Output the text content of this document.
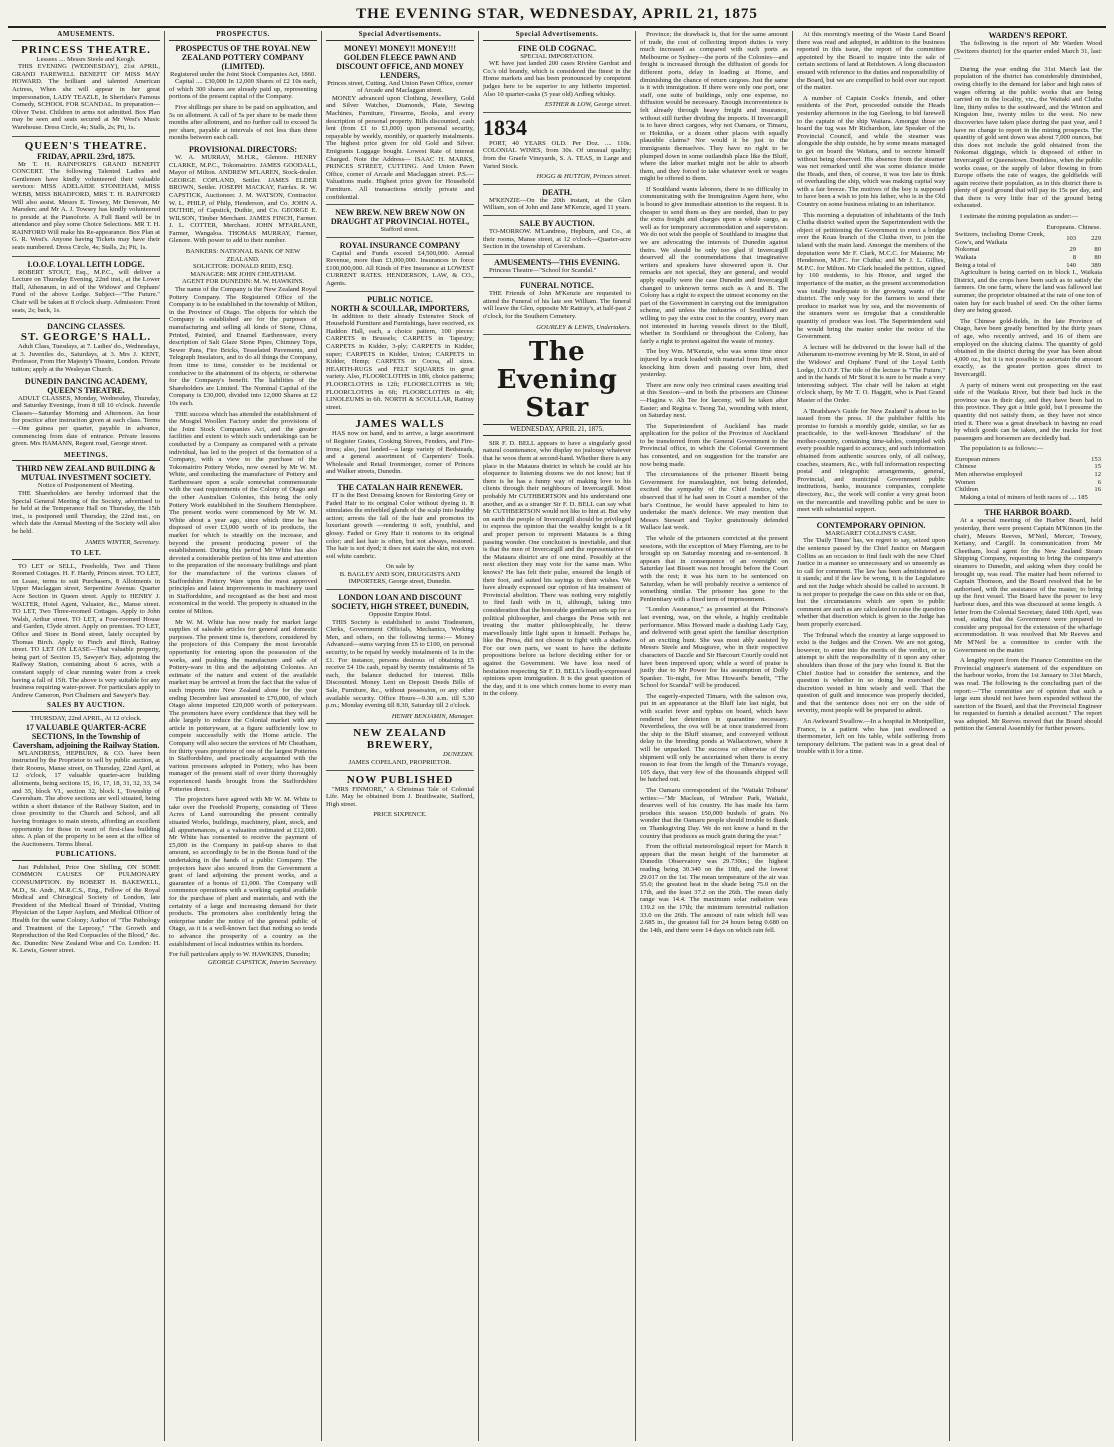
THE EVENING STAR, WEDNESDAY, APRIL 21, 1875
AMUSEMENTS.
PRINCESS THEATRE.
Lessees .... Messrs Steele and Keogh.

THIS EVENING (WEDNESDAY), 21st APRIL, GRAND FAREWELL BENEFIT OF MISS MAY HOWARD. The brilliant and talented American Actress, When she will appear in her great impersonation, LADY TEAZLE, In Sheridan's Famous Comedy, SCHOOL FOR SCANDAL. In preparation—Oliver Twist. Children in arms not admitted. Box Plan may be seen and seats secured at Mr West's Music Warehouse. Dress Circle, 4s; Stalls, 2s; Pit, 1s.

QUEEN'S THEATRE.
FRIDAY, APRIL 23rd, 1875.

Mr T. H. RAINFORD'S GRAND BENEFIT CONCERT. The following Talented Ladies and Gentlemen have kindly volunteered their valuable services: MISS ADELAIDE STONEHAM, MISS WEBB, MISS BRADFORD, MRS T. H. RAINFORD Will also assist. Messrs E. Towsey, Mr Denovan, Mr Marsden; and Mr A. J. Towsey has kindly volunteered to preside at the Pianoforte. A Full Band will be in attendance and play some Choice Selections. MR T. H. RAINFORD Will make his Re-appearance. Box Plan at G. R. West's. Anyone having Tickets may have their seats numbered. Dress Circle, 4s; Stalls, 2s; Pit, 1s.

I.O.O.F. LOYAL LEITH LODGE.

ROBERT STOUT, Esq., M.P.C., will deliver a Lecture on Thursday Evening, 22nd inst., at the Lower Hall, Athenæum, in aid of the Widows' and Orphans' Fund of the above Lodge. Subject—"The Future." Chair will be taken at 8 o'clock sharp. Admission: Front seats, 2s; back, 1s.

DANCING CLASSES.
ST. GEORGE'S HALL.

Adult Class, Tuesdays, at 7. Ladies' do., Wednesdays, at 3. Juveniles do., Saturdays, at 3. Mrs J. KENT, Professor, From Her Majesty's Theatre, London. Private tuition; apply at the Wesleyan Church.

DUNEDIN DANCING ACADEMY, QUEEN'S THEATRE.

ADULT CLASSES, Monday, Wednesday, Thursday, and Saturday Evenings, from 8 till 10 o'clock. Juvenile Classes—Saturday Morning and Afternoon. An hour for practice after instruction given at each class. Terms—One guinea per quarter, payable in advance, commencing from date of entrance. Private lessons given. Mrs HAMANN, Regent road, George street.

MEETINGS.
THIRD NEW ZEALAND BUILDING & MUTUAL INVESTMENT SOCIETY.
Notice of Postponement of Meeting.

THE Shareholders are hereby informed that the Special General Meeting of the Society, advertised to be held at the Temperance Hall on Thursday, the 15th inst., is postponed until Thursday, the 22nd inst., on which date the Annual Meeting of the Society will also be held.

JAMES WINTER, Secretary.
TO LET.

TO LET or SELL, Freeholds, Two and Three Roomed Cottages. H. F. Hardy, Princes street. TO LET, on Lease, terms to suit Purchasers, 8 Allotments in Upper Maclaggan street, Serpentine Avenue. Quarter Acre Section in Queen street. Apply to HENRY J. WALTER, Hotel Agent, Valuator, &c., Manse street. TO LET, Two Three-roomed Cottages. Apply to John Walsh, Arthur street. TO LET, a Four-roomed House and Garden, Clyde street. Apply on premises. TO LET, Office and Store in Bond street, lately occupied by Thomas Birch. Apply to Finch and Birch, Rattray street. TO LET ON LEASE—That valuable property, being part of Section 15, Sawyer's Bay, adjoining the Railway Station, containing about 6 acres, with a constant supply of clear running water from a creek having a fall of 15ft. The above is very suitable for any business requiring water-power. For particulars apply to Andrew Cameron, Port Chalmers and Sawyer's Bay.

SALES BY AUCTION.
THURSDAY, 22nd APRIL, At 12 o'clock.
17 VALUABLE QUARTER-ACRE SECTIONS, In the Township of Caversham, adjoining the Railway Station.

M'LANDRESS, HEPBURN, & CO. have been instructed by the Proprietor to sell by public auction, at their Rooms, Manse street, on Thursday, 22nd April, at 12 o'clock, 17 valuable quarter-acre building allotments, being sections 15, 16, 17, 18, 31, 32, 33, 34 and 35, block VI., section 32, block I., Township of Caversham. The above sections are well situated, being within a short distance of the Railway Station, and in close proximity to the Church and School, and all having frontages to main streets, affording an excellent opportunity for those in want of first-class building sites. A plan of the property to be seen at the office of the Auctioneers. Terms liberal.

PUBLICATIONS.

Just Published, Price One Shilling, ON SOME COMMON CAUSES OF PULMONARY CONSUMPTION. By ROBERT H. BAKEWELL, M.D., St. Andr., M.R.C.S., Eng., Fellow of the Royal Medical and Chirurgical Society of London, late President of the Medical Board of Trinidad, Visiting Physician of the Leper Asylum, and Medical Officer of Health for the same Colony; Author of "The Pathology and Treatment of the Leprosy," "The Growth and Reproduction of the Red Corpuscles of the Blood," &c. &c. Dunedin: New Zealand Wise and Co. London: H. K. Lewis, Gower street.

PROSPECTUS.
PROSPECTUS OF THE ROYAL NEW ZEALAND POTTERY COMPANY (LIMITED).
Registered under the Joint Stock Companies Act, 1860.

Capital .... £30,000 In 12,000 Shares of £2 10s each, of which 300 shares are already paid up, representing portions of the present capital of the Company.

Five shillings per share to be paid on application, and 5s on allotment. A call of 5s per share to be made three months after allotment, and no further call to exceed 5s per share, payable at intervals of not less than three months between each call.

PROVISIONAL DIRECTORS:

W. A. MURRAY, M.H.R., Glenore. HENRY CLARKE, M.P.C., Tokomairiro. JAMES GOODALL, Mayor of Milton. ANDREW M'LAREN, Stock-dealer. GEORGE COPLAND, Settler. JAMES ELDER BROWN, Settler. JOSEPH MACKAY, Fairfax. R. W. CAPSTICK, Auctioneer. J. M. WATSON, Contractor. W. L. PHILP, of Philp, Henderson, and Co. JOHN A. DUTHIE, of Capstick, Duthie, and Co. GEORGE E. WILSON, Timber Merchant. JAMES FINCH, Farmer. J. L. COTTER, Merchant. JOHN M'FARLANE, Farmer, Wangaloa. THOMAS MURRAY, Farmer, Glenore. With power to add to their number.

BANKERS: NATIONAL BANK OF NEW ZEALAND.
SOLICITOR: DONALD REID, ESQ.
MANAGER: MR JOHN CHEATHAM.
AGENT FOR DUNEDIN: M. W. HAWKINS.

The name of the Company is the New Zealand Royal Pottery Company. The Registered Office of the Company is to be established in the township of Milton, in the Province of Otago. The objects for which the Company is established are for the purposes of manufacturing and selling all kinds of Stone, China, Printed, Painted, and Enamel Earthenware, every description of Salt Glaze Stone Pipes, Chimney Tops, Sewer Pans, Fire Bricks, Tesselated Pavements, and Telegraph Insulators, and to do all things the Company, from time to time, consider to be incidental or conducive to the attainment of its objects, or otherwise for the Company's benefit. The liabilities of the Shareholders are Limited. The Nominal Capital of the Company is £30,000, divided into 12,000 Shares at £2 10s each.

THE success which has attended the establishment of the Mosgiel Woollen Factory under the provisions of the Joint Stock Companies Act, and the greater facilities and extent to which such undertakings can be conducted by a Company as compared with a private individual, has led to the project of the formation of a Company, with a view to the purchase of the Tokomairiro Pottery Works, now owned by Mr W. M. White, and conducting the manufacture of Pottery and Earthenware upon a scale somewhat commensurate with the vast requirements of the Colony of Otago and the other Australian Colonies, this being the only Pottery Work established in the Southern Hemisphere. The present works were commenced by Mr W. M. White about a year ago, since which time he has disposed of over £3,000 worth of its products, the market for which is steadily on the increase, and beyond the present producing power of the establishment. During this period Mr White has also devoted a considerable portion of his time and attention to the preparation of the necessary buildings and plant for the manufacture of the various classes of Staffordshire Pottery Ware upon the most approved principles and latest improvements in machinery used in Staffordshire, and recognised as the best and most economical in the world. The property is situated in the centre of Milton.

Mr W. M. White has now ready for market large supplies of saleable articles for general and domestic purposes. The present time is, therefore, considered by the projectors of this Company the most favorable opportunity for entering upon the possession of the works, and pushing the manufacture and sale of Pottery-ware in this and the adjoining Colonies. An estimate of the nature and extent of the available market may be arrived at from the fact that the value of such imports into New Zealand alone for the year ending December last amounted to £70,000, of which Otago alone imported £20,000 worth of potteryware. The promoters have every confidence that they will be able largely to reduce the Colonial market with any article in potteryware, at a figure sufficiently low to compete successfully with the Home article. The Company will also secure the services of Mr Cheatham, for thirty years proprietor of one of the largest Potteries in Staffordshire, and practically acquainted with the various processes adopted in Pottery, who has been manager of the present staff of over thirty thoroughly experienced hands brought from the Staffordshire Potteries direct.

The projectors have agreed with Mr W. M. White to take over the Freehold Property, consisting of Three Acres of Land surrounding the present centrally situated Works, buildings, machinery, plant, stock, and all appurtenances, at a valuation estimated at £12,000. Mr White has consented to receive the payment of £5,000 in the Company in paid-up shares to that amount, so accordingly to be in the Bonus fund of the undertaking in the hands of a public Company. The projectors have also secured from the Government a grant of land adjoining the present works, and a guarantee of a bonus of £1,000. The Company will commence operations with a working capital available for the purchase of plant and materials, and with the certainty of a large and increasing demand for their products. The promoters also confidently bring the enterprise under the notice of the general public of Otago, as it is a well-known fact that nothing so tends to advance the prosperity of a country as the establishment of local industries within its borders.

For full particulars apply to W. HAWKINS, Dunedin;
GEORGE CAPSTICK, Interim Secretary.
Special Advertisements.
MONEY! MONEY!! MONEY!!!
GOLDEN FLEECE PAWN AND DISCOUNT OFFICE, AND MONEY LENDERS,
Princes street, Cutting. And Union Pawn Office, corner of Arcade and Maclaggan street.

MONEY advanced upon Clothing, Jewellery, Gold and Silver Watches, Diamonds, Plate, Sewing Machines, Furniture, Firearms, Books, and every description of personal property. Bills discounted, cash lent (from £1 to £1,000) upon personal security, repayable by weekly, monthly, or quarterly instalments. The highest price given for old Gold and Silver. Emigrants Luggage bought. Lowest Rate of interest Charged. Note the Address— ISAAC H. MARKS, PRINCES STREET, CUTTING. And Union Pawn Office, corner of Arcade and Maclaggan street. P.S.—Valuations made. Highest price given for Household Furniture. All transactions strictly private and confidential.

NEW BREW. NEW BREW NOW ON DRAUGHT AT PROVINCIAL HOTEL,
Stafford street.
ROYAL INSURANCE COMPANY

Capital and Funds exceed £4,500,000. Annual Revenue, more than £1,000,000. Insurances in force £100,000,000. All Kinds of Fire Insurance at LOWEST CURRENT RATES. HENDERSON, LAW, & CO., Agents.

PUBLIC NOTICE.
NORTH & SCOULLAR, IMPORTERS,

In addition to their already Extensive Stock of Household Furniture and Furnishings, have received, ex Haddon Hall, each, a choice pattern, 100 pieces: CARPETS in Brussels; CARPETS in Tapestry; CARPETS in Kidder, 3-ply; CARPETS in Kidder, super; CARPETS in Kidder, Union; CARPETS in Kidder, Hemp; CARPETS in Cocoa, all sizes. HEARTH-RUGS and FELT SQUARES in great variety. Also, FLOORCLOTHS in 18ft, choice patterns; FLOORCLOTHS in 12ft; FLOORCLOTHS in 9ft; FLOORCLOTHS in 6ft; FLOORCLOTHS in 4ft; LINOLEUMS in 6ft. NORTH & SCOULLAR, Rattray street.

JAMES WALLS

HAS now on hand, and to arrive, a large assortment of Register Grates, Cooking Stoves, Fenders, and Fire-irons; also, just landed—a large variety of Bedsteads, and a general assortment of Carpenters' Tools. Wholesale and Retail Ironmonger, corner of Princes and Walker streets, Dunedin.

THE CATALAN HAIR RENEWER.

IT is the Best Dressing known for Restoring Grey or Faded Hair to its original Color without dyeing it. It stimulates the enfeebled glands of the scalp into healthy action; arrests the fall of the hair and promotes its luxuriant growth —rendering it soft, youthful, and glossy. Faded or Grey Hair it restores to its original color; and last hair is often, but not always, restored. The hair is not dyed; it does not stain the skin, not even soil white cambric.

On sale by
B. BAGLEY AND SON, DRUGGISTS AND IMPORTERS, George street, Dunedin.
LONDON LOAN AND DISCOUNT SOCIETY, HIGH STREET, DUNEDIN,
Opposite Empire Hotel.

THIS Society is established to assist Tradesmen, Clerks, Government Officials, Mechanics, Working Men, and others, on the following terms:— Money Advanced—sums varying from £5 to £100, on personal security, to be repaid by weekly instalments of 1s in the £1. For instance, persons desirous of obtaining £5 receive £4 10s cash, repaid by twenty instalments of 5s each, the balance deducted for interest. Bills Discounted. Money Lent on Deposit Deeds Bills of Sale, Furniture, &c., without possession, or any other available security. Office Hours—9.30 a.m. till 5.30 p.m.; Monday evening till 8.30, Saturday till 2 o'clock.

HENRY BENJAMIN, Manager.
NEW ZEALAND BREWERY,
DUNEDIN.
JAMES COPELAND, PROPRIETOR.
NOW PUBLISHED

"MRS FINMORE," A Christmas Tale of Colonial Life. May be obtained from J. Braithwaite, Stafford, High street.

PRICE SIXPENCE.
Special Advertisements.
FINE OLD COGNAC.
SPECIAL IMPORTATION.

WE have just landed 200 cases Rivière Gardrat and Co.'s old brandy, which is considered the finest in the Home markets and has been pronounced by competent judges here to be superior to any hitherto imported. Also 10 quarter-casks (5 year old) Ardbeg whisky.

ESTHER & LOW, George street.
1834

PORT, 40 YEARS OLD. Per Doz. .... 110s. COLONIAL WINES, from 30s. Of unusual quality; from the Graefe Vineyards, S. A. TEAS, in Large and Varied Stock.

HOGG & HUTTON, Princes street.
DEATH.

M'KENZIE—On the 20th instant, at the Glen William, son of John and Jane M'Kenzie, aged 11 years.

SALE BY AUCTION.

TO-MORROW. M'Landress, Hepburn, and Co., at their rooms, Manse street, at 12 o'clock—Quarter-acre Section in the township of Caversham.

AMUSEMENTS—THIS EVENING.

Princess Theatre—"School for Scandal."

FUNERAL NOTICE.

THE Friends of John M'Kenzie are requested to attend the Funeral of his late son William. The funeral will leave the Glen, opposite Mr Rattray's, at half-past 2 o'clock, for the Southern Cemetery.

GOURLEY & LEWIS, Undertakers.
The Evening Star
WEDNESDAY, APRIL 21, 1875.

SIR F. D. BELL appears to have a singularly good natural countenance, who display no jealousy whatever that he woos them at second-hand. Whether there is any place in the Mataura district in which he could air his eloquence to listening dozens we do not know; but if there is he has a funny way of making love to his clients through their neighbours of Invercargill. Most probably Mr CUTHBERTSON and his understand one another, and as a stranger Sir F. D. BELL can say what Mr CUTHBERTSON would not like to hint at. But why on earth the people of Invercargill should be privileged to express the opinion that the wealthy knight is a fit and proper person to represent Mataura is a thing passing wonder. One conclusion is inevitable, and that is that the men of Invercargill and the representative of the Mataura district are of one mind. Possibly at the next election they may vote for the same man. Who knows? He has felt their pulse, ensured the length of their foot, and suited his sayings to their wishes. We have already expressed our opinion of his treatment of Provincial abolition. There was nothing very mightily to find fault with in it, although, taking into consideration that the honorable gentleman sets up for a political philosopher, and charges the Press with not treating the matter philosophically, he threw marvellously little light upon it himself. Perhaps he, like the Press, did not choose to fight with a shadow. For our own parts, we want to have the definite propositions before us before deciding either for or against the Government. We have less need of hesitation respecting Sir F. D. BELL's loudly-expressed opinions upon immigration. It is the great question of the day, and it is one which comes home to every man in the colony.

Province; the drawback is, that for the same amount of trade, the cost of collecting import duties is very much increased as compared with such ports as Melbourne or Sydney—the ports of the Colonies—and freight is increased through the diffusion of goods for different ports, delay in loading at Home, and diminishing the chance of return cargoes. Just the same is it with immigration. If there were only one port, one staff, one suite of buildings, only one expense, no diffusion would be necessary. Enough inconvenience is felt already through heavy freight and insurance, without still further dividing the imports. If Invercargill is to have direct cargoes, why not Oamaru, or Timaru, or Hokitika, or a dozen other places with equally plausible claims? Nor would it be just to the immigrants themselves. They have no right to be plumped down in some outlandish place like the Bluff, where the labor market might not be able to absorb them, and they forced to take whatever work or wages might be offered to them.

If Southland wants laborers, there is no difficulty in communicating with the Immigration Agent here, who is bound to give immediate attention to the request. It is cheaper to send them as they are needed, than to pay the extra freight and charges upon a whole cargo, as well as for temporary accommodation and supervision. We do not wish the people of Southland to imagine that we are advocating the interests of Dunedin against theirs. We should be only too glad if Invercargill deserved all the commendations that imaginative writers and speakers have showered upon it. Our remarks are not special, they are general, and would apply equally were the case Dunedin and Invercargill changed to unknown terms such as A and B. The Colony has a right to expect the utmost economy on the part of the Government in carrying out the immigration scheme, and unless the industries of Southland are willing to pay the extra cost to the country, every man not interested in having vessels direct to the Bluff, whether in Southland or throughout the Colony, has fairly a right to protest against the waste of money.

The boy Wm. M'Kenzie, who was some time since injured by a truck loaded with material from Pith street knocking him down and passing over him, died yesterday.

There are now only two criminal cases awaiting trial at this Session—and in both the prisoners are Chinese—Hagina v. Ah Tee for larceny, will be taken after Easter; and Regina v. Tsong Tai, wounding with intent, on Saturday next.

The Superintendent of Auckland has made application for the police of the Province of Auckland to be transferred from the General Government to the Provincial office, to which the Colonial Government has consented, and on suggestion for the transfer are now being made.

The circumstances of the prisoner Bissett being Government for manslaughter, not being defended, excited the sympathy of the Chief Justice, who observed that if he had seen in Court a member of the bar's Continue, he would have appealed to him to undertake the man's defence. We may mention that Messrs Stewart and Taylor gratuitously defended Wallace last week.

The whole of the prisoners convicted at the present sessions, with the exception of Mary Fleming, are to be brought up on Saturday morning and re-sentenced. It appears that in consequence of an oversight on Saturday last Bissett was not brought before the Court with the rest; it was his turn to be sentenced on Saturday, when he will probably receive a sentence of something similar. The prisoner has gone to the Penitentiary with a fixed term of imprisonment.

"London Assurance," as presented at the Princess's last evening, was, on the whole, a highly creditable performance. Miss Howard made a dashing Lady Gay, and delivered with great spirit the familiar description of an exciting hunt. She was most ably assisted by Messrs Steele and Musgrave, who in their respective characters of Dazzle and Sir Harcourt Courtly could not have been improved upon; while a word of praise is justly due to Mr Power for his assumption of Dolly Spanker. To-night, for Miss Howard's benefit, "The School for Scandal" will be produced.

The eagerly-expected Timaru, with the salmon ova, put in an appearance at the Bluff late last night, but with scarlet fever and typhus on board, which have rendered her detention in quarantine necessary. Nevertheless, the ova will be at once transferred from the ship to the Bluff steamer, and conveyed without delay to the breeding ponds at Wallacetown, where it will be unpacked. The success or otherwise of the shipment will only be ascertained when there is every reason to fear from the length of the Timaru's voyage, 105 days, that very few of the thousands shipped will be hatched out.

The Oamaru correspondent of the 'Waitaki Tribune' writes:—"Mr Maclean, of Windsor Park, Waitaki, deserves well of his country. He has made his farm produce this season 150,000 bushels of grain. No wonder that the Oamaru people should trouble to thank on Thanksgiving Day. We do not know a hand in the country that produces as much grain during the year."

From the official meteorological report for March it appears that the mean height of the barometer at Dunedin Observatory was 29.730in.; the highest reading being 30.340 on the 10th, and the lowest 29.017 on the 1st. The mean temperature of the air was 55.0; the greatest heat in the shade being 75.0 on the 17th, and the least 37.2 on the 26th. The mean daily range was 14.4. The maximum solar radiation was 139.2 on the 17th; the minimum terrestrial radiation 33.0 on the 26th. The amount of rain which fell was 2.685 in., the greatest fall for 24 hours being 0.680 on the 14th, and there were 14 days on which rain fell.

At this morning's meeting of the Waste Land Board there was read and adopted, in addition to the business reported in this issue, the report of the committee appointed by the Board to inquire into the sale of certain sections of land at Reidstown. A long discussion ensued with reference to the duties and responsibility of the Board, but we are compelled to hold over our report of the matter.

A number of Captain Cook's friends, and other residents of the Port, proceeded outside the Heads yesterday afternoon in the tug Geelong, to bid farewell to the captain of the ship Waitara. Amongst those on board the tug was Mr Richardson, late Speaker of the Provincial Council, and while the steamer was alongside the ship outside, he by some means managed to get on board the Waitara, and to secrete himself without being observed. His absence from the steamer was not remarked until she was some distance inside the Heads, and then, of course, it was too late to think of overhauling the ship, which was making capital way with a fair breeze. The motives of the boy is supposed to have been a wish to join his father, who is in the Old Country on some business relating to an inheritance.

This morning a deputation of inhabitants of the Inch Clutha district waited upon the Superintendent with the object of petitioning the Government to erect a bridge over the Koau branch of the Clutha river, to join the island with the main land. Amongst the members of the deputation were Mr F. Clark, M.C.C. for Mataura; Mr Henderson, M.P.C. for Clutha; and Mr J. L. Gillies, M.P.C. for Milton. Mr Clark headed the petition, signed by 160 residents, to his Honor, and urged the importance of the matter, as the present accommodation was totally inadequate to the growing wants of the district. The only way for the farmers to send their produce to market was by sea, and the movements of the steamers were so irregular that a considerable quantity of produce was lost. The Superintendent said he would bring the matter under the notice of the Government.

A lecture will be delivered in the lower hall of the Athenæum to-morrow evening by Mr R. Stout, in aid of the Widows' and Orphans' Fund of the Loyal Leith Lodge, I.O.O.F. The title of the lecture is "The Future," and in the hands of Mr Stout it is sure to be made a very interesting subject. The chair will be taken at eight o'clock sharp, by Mr T. O. Haggitt, who is Past Grand Master of the Order.

A 'Bradshaw's Guide for New Zealand' is about to be issued from the press. If the publisher fulfils his promise to furnish a monthly guide, similar, so far as practicable, to the well-known 'Bradshaw' of the mother-country, containing time-tables, compiled with every possible regard to accuracy, and such information obtained from authentic sources only, of all railway, coaches, steamers, &c., with full information respecting postal and telegraphic arrangements, general, Provincial, and municipal Government public institutions, banks, insurance companies, complete directory, &c., the work will confer a very great boon on the mercantile and travelling public and be sure to meet with substantial support.

CONTEMPORARY OPINION.
MARGARET COLLINS'S CASE.

The 'Daily Times' has, we regret to say, seized upon the sentence passed by the Chief Justice on Margaret Collins as an occasion to find fault with the new Chief Justice in a manner so unnecessary and so unseemly as to call for comment. The law has been administered as it stands; and if the law be wrong, it is the Legislature and not the Judge which should be called to account. It is not proper to prejudge the case on this side or on that, but the circumstances which are open to public comment are such as are calculated to raise the question whether that discretion which is given to the Judge has been properly exercised.

The Tribunal which the country at large supposed to exist is the Judges and the Crown. We are not going, however, to enter into the merits of the verdict, or to attempt to shift the responsibility of it upon any other shoulders than those of the jury who found it. But the Chief Justice had to consider the sentence, and the question is whether in so doing he exercised the discretion vested in him wisely and well. That the question of guilt and innocence was properly decided, and that the sentence does not err on the side of severity, most people will be prepared to admit.

An Awkward Swallow.—In a hospital in Montpellier, France, is a patient who has just swallowed a thermometer, left on his table, while suffering from temporary delirium. The patient was in a great deal of trouble with it for a time.

WARDEN'S REPORT.

The following is the report of Mr Warden Wood (Switzers district) for the quarter ended March 31, last:—

During the year ending the 31st March last the population of the district has considerably diminished, owing chiefly to the demand for labor and high rates of wages offering at the public works that are being carried on in the locality, viz., the Waitaki and Clutha line, thirty miles to the southward, and the Winton and Kingston line, twenty miles to the west. No new discoveries have taken place during the past year, and I have no change to report in the mining prospects. The quantity of gold sent down was about 7,000 ounces, but this does not include the gold obtained from the Nokomai diggings, which is disposed of either in Invercargill or Queenstown. Doubtless, when the public works cease, or the supply of labor flowing in from Europe offsets the rate of wages, the goldfields will again receive their population, as in this district there is plenty of good ground that will pay its 15s per day, and that there is very little fear of the ground being exhausted.

I estimate the mining population as under:—

	Europeans.	Chinese.
Switzers, including Dome Creek, Gow's, and Waikaia	103	229
Nokomai	29	80
Waikaia	8	80
Being a total of	140	389

Agriculture is being carried on in block I., Waikaia District, and the crops have been such as to satisfy the farmers. On one farm, where the land was fallowed last summer, the proprietor obtained at the rate of one ton of oaten hay for each bushel of seed. On the other farms they are being grazed.

The Chinese gold-fields, in the late Province of Otago, have been greatly benefited by the thirty years of age, who recently arrived, and 16 of them are employed on the sluicing claims. The quantity of gold obtained in the district during the year has been about 4,000 oz., but it is not possible to ascertain the amount exactly, as the greater portion goes direct to Invercargill.

A party of miners went out prospecting on the east side of the Waikaia River, but their bad luck in the province was in their day, and they have been bad in this province. They got a little gold, but I presume the quantity did not satisfy them, as they have not since tried it. There was a great drawback in having no road by which goods can be taken, and the tracks for foot passengers and horsemen are decidedly bad.

The population is as follows:—

European miners	153
Chinese	15
Men otherwise employed	12
Women	6
Children	16

Making a total of miners of both races of .... 185

THE HARBOR BOARD.

At a special meeting of the Harbor Board, held yesterday, there were present Captain M'Kinnon (in the chair), Messrs Reeves, M'Neil, Mercer, Towsey, Kettany, and Cargill. In communication from Mr Cheetham, local agent for the New Zealand Steam Shipping Company, requesting to bring the company's steamers to Dunedin, and asking when they could be brought up, was read. The matter had been referred to Captain Thomson, and the Board resolved that he be authorised, with the assistance of the master, to bring up the first vessel. The Board have the power to levy harbour dues, and this was discussed at some length. A letter from the Colonial Secretary, dated 10th April, was read, stating that the Government were prepared to consider any proposal for the extension of the wharfage accommodation. It was resolved that Mr Reeves and Mr M'Neil be a committee to confer with the Government on the matter.

A lengthy report from the Finance Committee on the Provincial engineer's statement of the expenditure on the harbour works, from the 1st January to 31st March, was read. The following is the concluding part of the report:—"The committee are of opinion that such a large sum should not have been expended without the sanction of the Board, and that the Provincial Engineer be requested to furnish a detailed account." The report was adopted. Mr Reeves moved that the Board should petition the General Assembly for further powers.
